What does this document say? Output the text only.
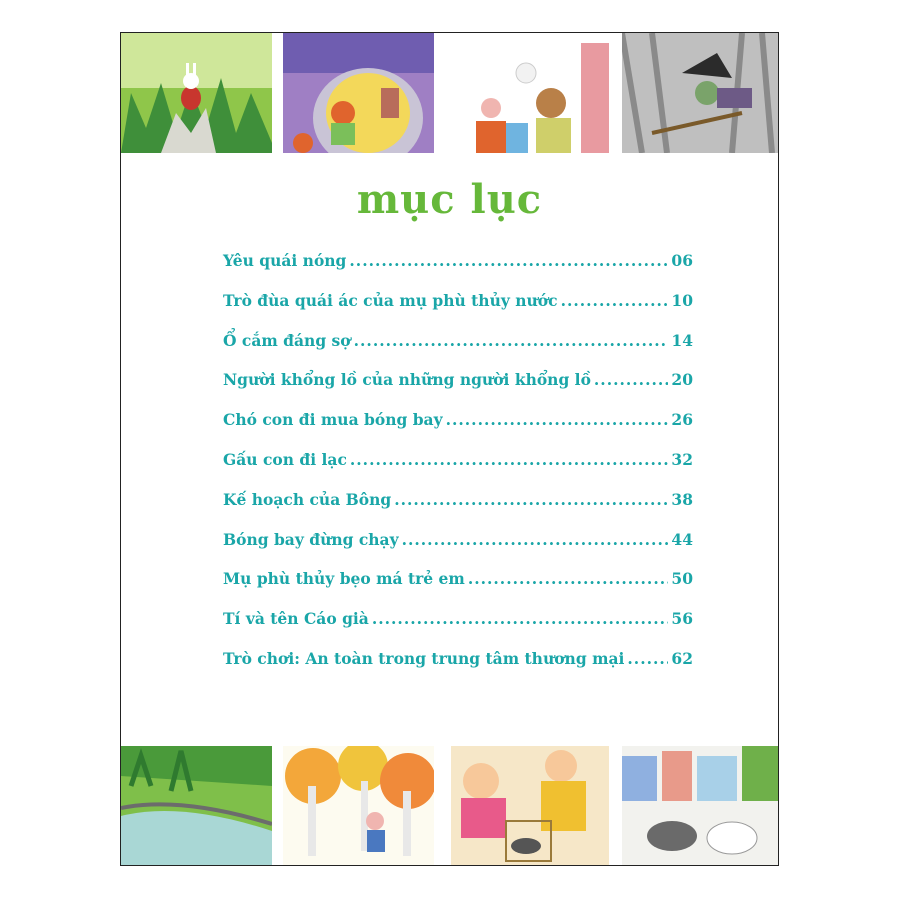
mục lục
Yêu quái nóng .....	06
Trò đùa quái ác của mụ phù thủy nước .....	10
Ổ cắm đáng sợ .....	14
Người khổng lồ của những người khổng lồ .....	20
Chó con đi mua bóng bay .....	26
Gấu con đi lạc .....	32
Kế hoạch của Bông .....	38
Bóng bay đừng chạy .....	44
Mụ phù thủy bẹo má trẻ em .....	50
Tí và tên Cáo già .....	56
Trò chơi: An toàn trong trung tâm thương mại .....	62
